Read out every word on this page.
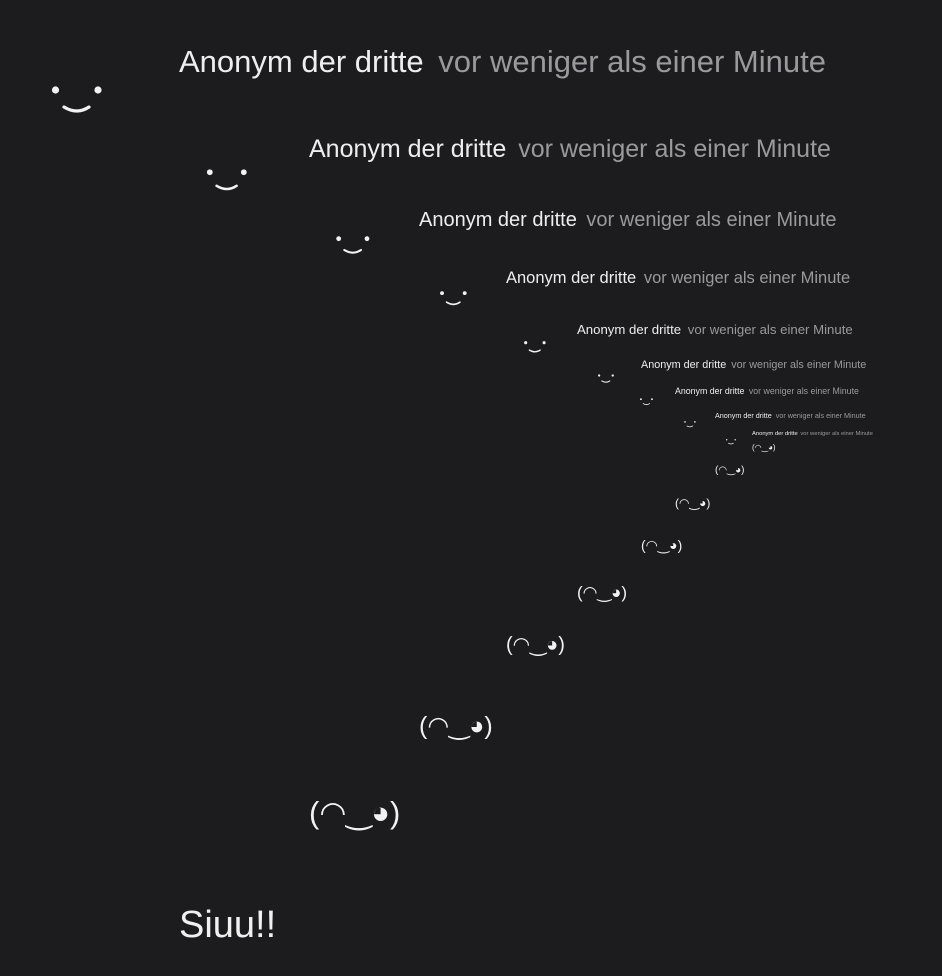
Anonym der dritte vor weniger als einer Minute
Anonym der dritte vor weniger als einer Minute
Anonym der dritte vor weniger als einer Minute
Anonym der dritte vor weniger als einer Minute
Anonym der dritte vor weniger als einer Minute
Anonym der dritte vor weniger als einer Minute
Anonym der dritte vor weniger als einer Minute
Anonym der dritte vor weniger als einer Minute
Anonym der dritte vor weniger als einer Minute
(◠‿◕)
(◠‿◕)
(◠‿◕)
(◠‿◕)
(◠‿◕)
(◠‿◕)
(◠‿◕)
(◠‿◕)
Siuu!!
